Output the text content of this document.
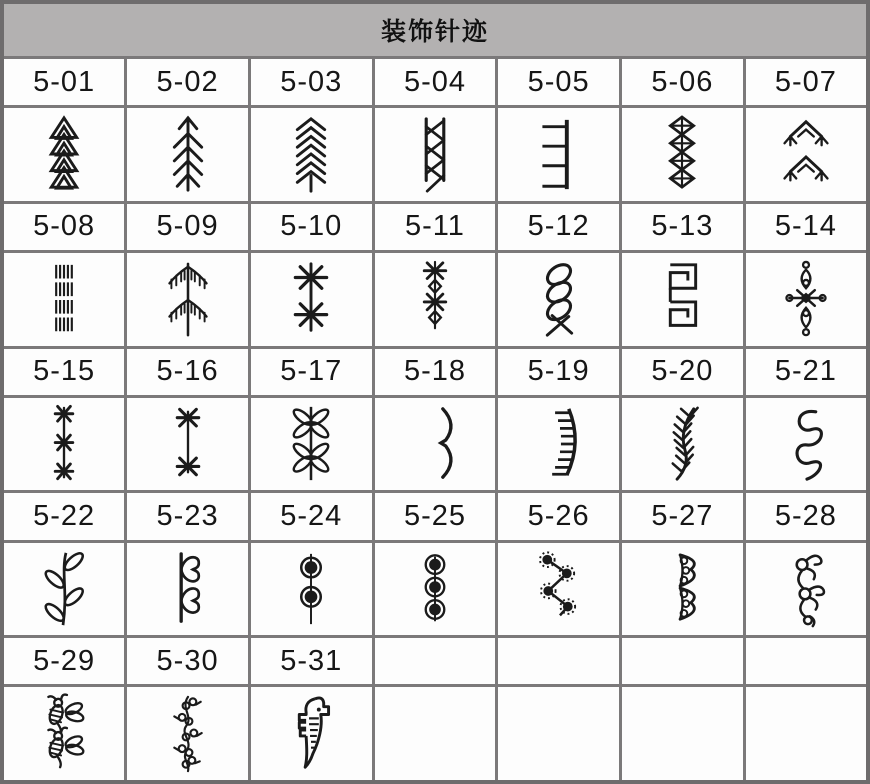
装饰针迹						
5-01	5-02	5-03	5-04	5-05	5-06	5-07

5-08	5-09	5-10	5-11	5-12	5-13	5-14

5-15	5-16	5-17	5-18	5-19	5-20	5-21

5-22	5-23	5-24	5-25	5-26	5-27	5-28

5-29	5-30	5-31				
